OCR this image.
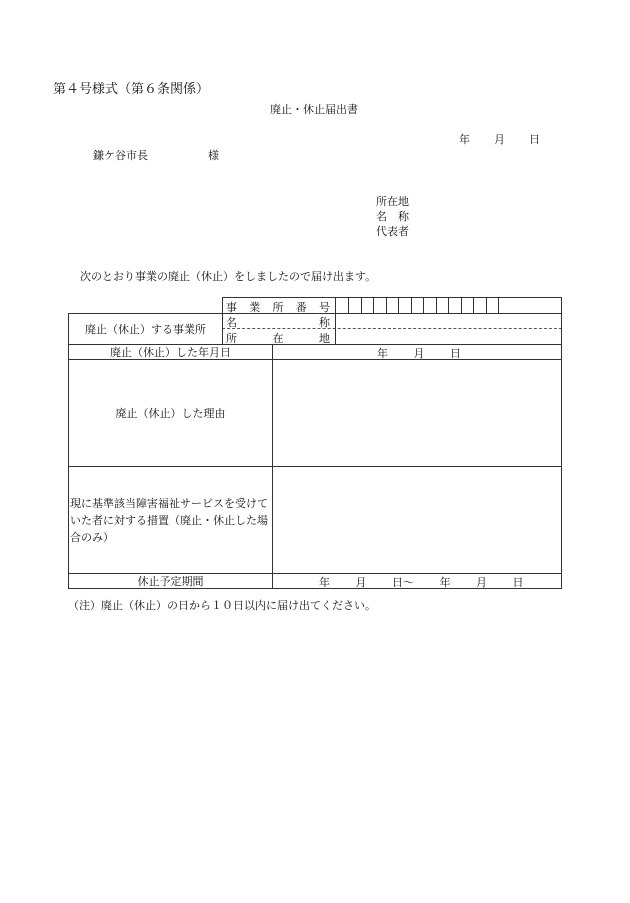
第４号様式（第６条関係）
廃止・休止届出書
年 月 日
鎌ケ谷市長	様
所在地
名　称
代表者
次のとおり事業の廃止（休止）をしましたので届け出ます。
事 業 所 番 号
廃止（休止）する事業所
名	称
所	在	地
廃止（休止）した年月日	年 月 日
廃止（休止）した理由
現に基準該当障害福祉サービスを受けていた者に対する措置（廃止・休止した場合のみ）
休止予定期間	年 月 日～ 年 月 日
（注）廃止（休止）の日から１０日以内に届け出てください。
